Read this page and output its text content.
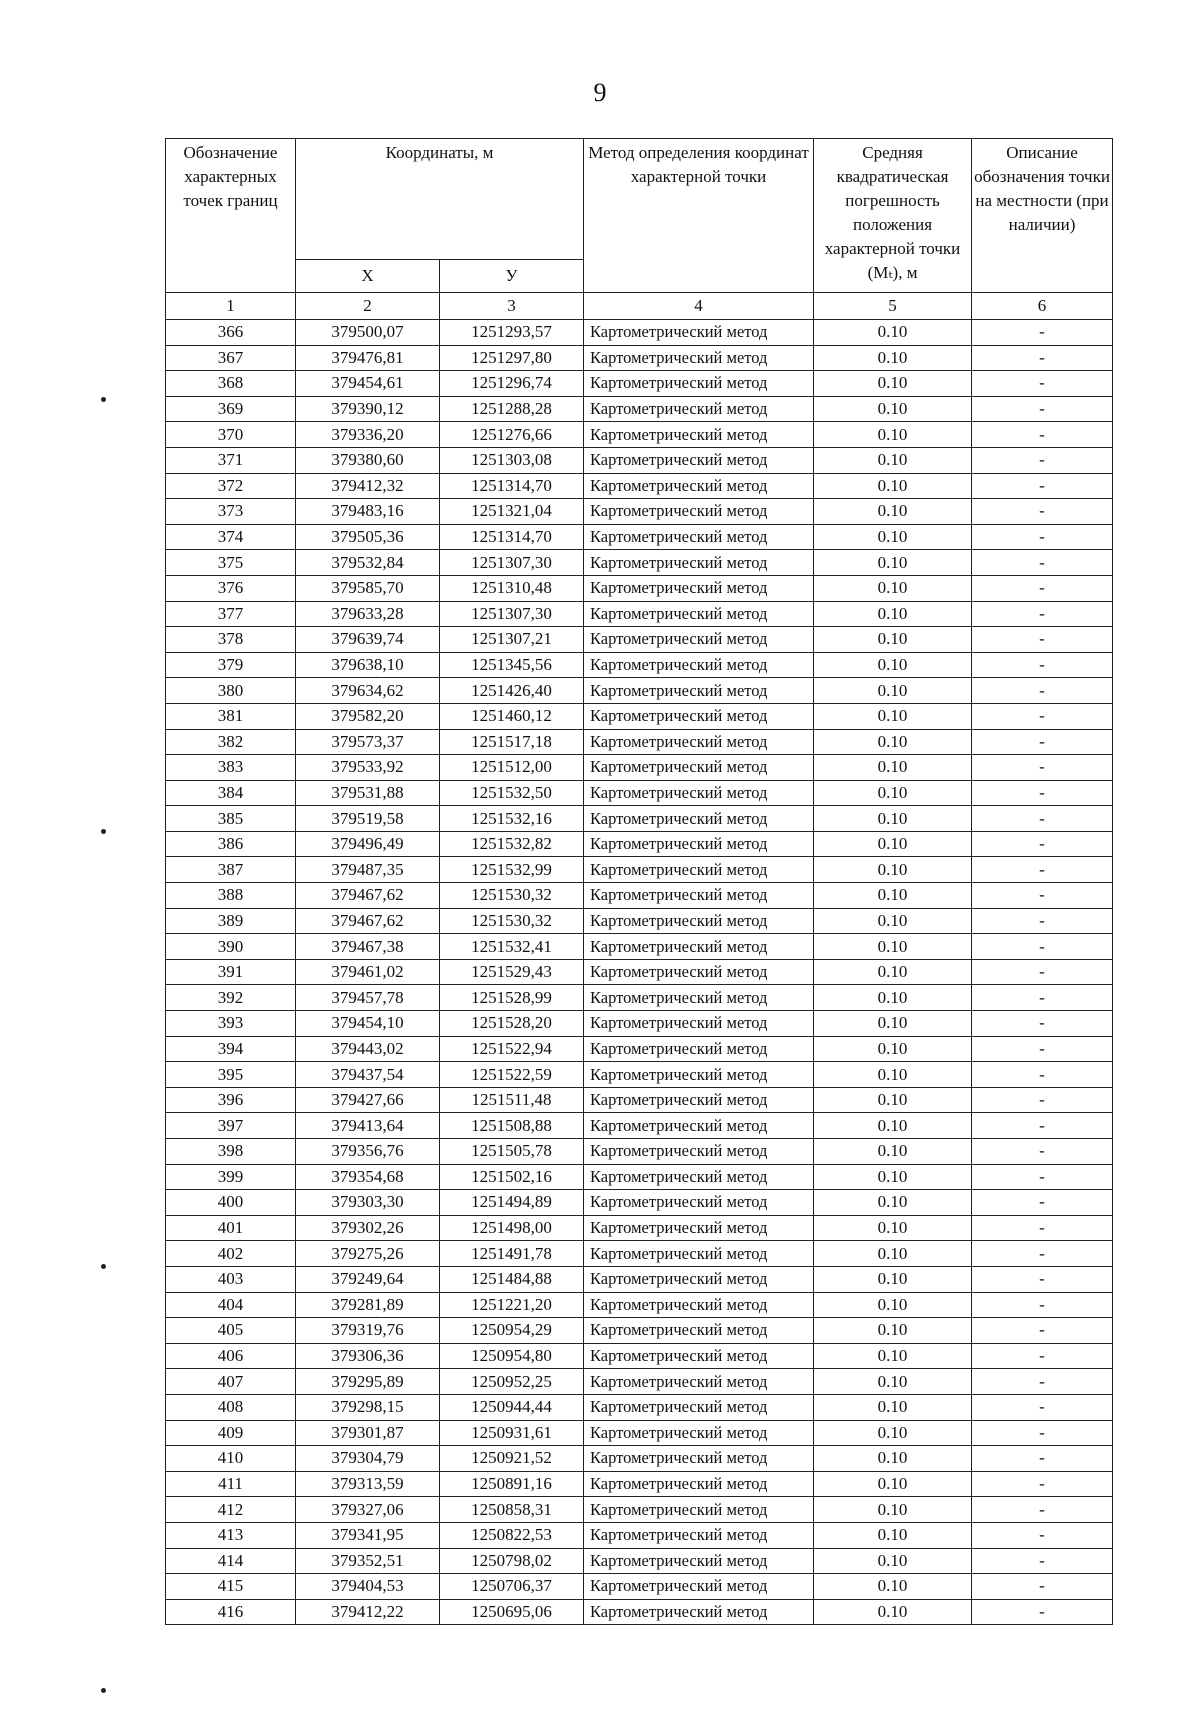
9
Обозначение характерных точек границ	Координаты, м		Метод определения координат характерной точки	Средняя квадратическая погрешность положения характерной точки (Mₜ), м	Описание обозначения точки на местности (при наличии)
	X	У			
1	2	3	4	5	6
366	379500,07	1251293,57	Картометрический метод	0.10	-
367	379476,81	1251297,80	Картометрический метод	0.10	-
368	379454,61	1251296,74	Картометрический метод	0.10	-
369	379390,12	1251288,28	Картометрический метод	0.10	-
370	379336,20	1251276,66	Картометрический метод	0.10	-
371	379380,60	1251303,08	Картометрический метод	0.10	-
372	379412,32	1251314,70	Картометрический метод	0.10	-
373	379483,16	1251321,04	Картометрический метод	0.10	-
374	379505,36	1251314,70	Картометрический метод	0.10	-
375	379532,84	1251307,30	Картометрический метод	0.10	-
376	379585,70	1251310,48	Картометрический метод	0.10	-
377	379633,28	1251307,30	Картометрический метод	0.10	-
378	379639,74	1251307,21	Картометрический метод	0.10	-
379	379638,10	1251345,56	Картометрический метод	0.10	-
380	379634,62	1251426,40	Картометрический метод	0.10	-
381	379582,20	1251460,12	Картометрический метод	0.10	-
382	379573,37	1251517,18	Картометрический метод	0.10	-
383	379533,92	1251512,00	Картометрический метод	0.10	-
384	379531,88	1251532,50	Картометрический метод	0.10	-
385	379519,58	1251532,16	Картометрический метод	0.10	-
386	379496,49	1251532,82	Картометрический метод	0.10	-
387	379487,35	1251532,99	Картометрический метод	0.10	-
388	379467,62	1251530,32	Картометрический метод	0.10	-
389	379467,62	1251530,32	Картометрический метод	0.10	-
390	379467,38	1251532,41	Картометрический метод	0.10	-
391	379461,02	1251529,43	Картометрический метод	0.10	-
392	379457,78	1251528,99	Картометрический метод	0.10	-
393	379454,10	1251528,20	Картометрический метод	0.10	-
394	379443,02	1251522,94	Картометрический метод	0.10	-
395	379437,54	1251522,59	Картометрический метод	0.10	-
396	379427,66	1251511,48	Картометрический метод	0.10	-
397	379413,64	1251508,88	Картометрический метод	0.10	-
398	379356,76	1251505,78	Картометрический метод	0.10	-
399	379354,68	1251502,16	Картометрический метод	0.10	-
400	379303,30	1251494,89	Картометрический метод	0.10	-
401	379302,26	1251498,00	Картометрический метод	0.10	-
402	379275,26	1251491,78	Картометрический метод	0.10	-
403	379249,64	1251484,88	Картометрический метод	0.10	-
404	379281,89	1251221,20	Картометрический метод	0.10	-
405	379319,76	1250954,29	Картометрический метод	0.10	-
406	379306,36	1250954,80	Картометрический метод	0.10	-
407	379295,89	1250952,25	Картометрический метод	0.10	-
408	379298,15	1250944,44	Картометрический метод	0.10	-
409	379301,87	1250931,61	Картометрический метод	0.10	-
410	379304,79	1250921,52	Картометрический метод	0.10	-
411	379313,59	1250891,16	Картометрический метод	0.10	-
412	379327,06	1250858,31	Картометрический метод	0.10	-
413	379341,95	1250822,53	Картометрический метод	0.10	-
414	379352,51	1250798,02	Картометрический метод	0.10	-
415	379404,53	1250706,37	Картометрический метод	0.10	-
416	379412,22	1250695,06	Картометрический метод	0.10	-
